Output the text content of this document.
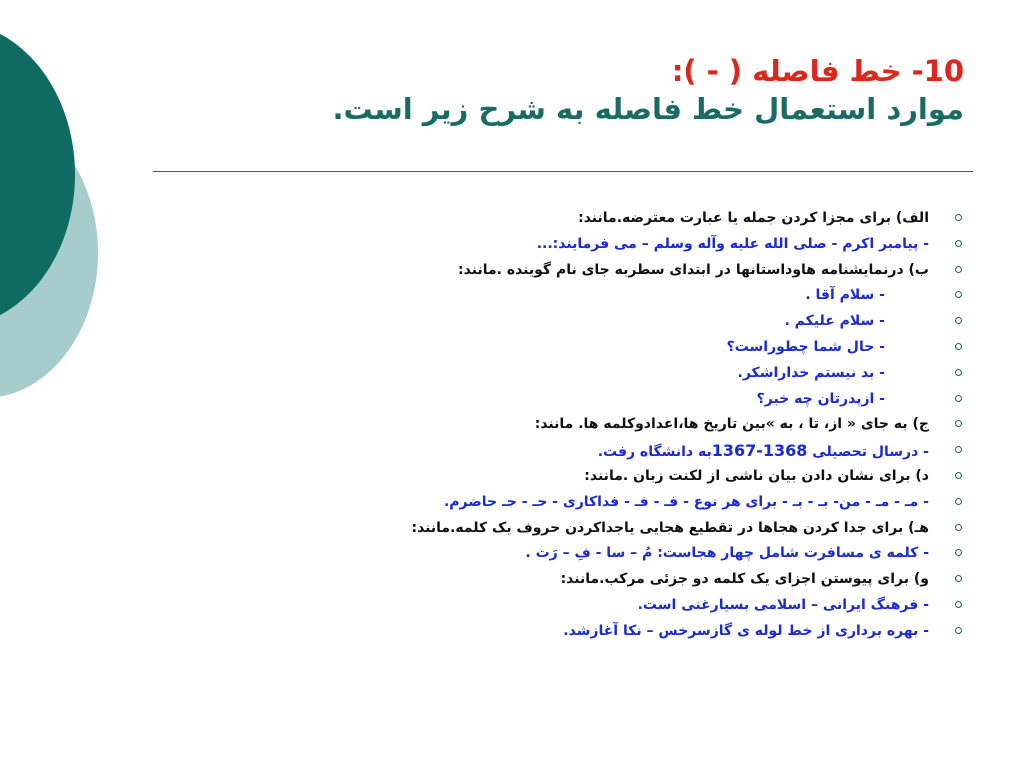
10- خط فاصله ( - ):
موارد استعمال خط فاصله به شرح زیر است.
الف) برای مجزا کردن جمله یا عبارت معترضه.مانند:
- پیامبر اکرم - صلی الله علیه وآله وسلم – می فرمایند:...
ب) درنمایشنامه هاوداستانها در ابتدای سطربه جای نام گوینده .مانند:
- سلام آقا .
- سلام علیکم .
- حال شما چطوراست؟
- بد نیستم خداراشکر.
- ازپدرتان چه خبر؟
ج) به جای « از، تا ، به »بین تاریخ ها،اعدادوکلمه ها. مانند:
- درسال تحصیلی 1368-1367به دانشگاه رفت.
د) برای نشان دادن بیان ناشی از لکنت زبان .مانند:
- مـ - مـ - من- بـ - بـ - برای هر نوع - فـ - فـ - فداکاری - حـ - حـ حاضرم.
هـ) برای جدا کردن هجاها در تقطیع هجایی یاجداکردن حروف یک کلمه.مانند:
- کلمه ی مسافرت شامل چهار هجاست: مُ – سا - فِ – رَت .
و) برای پیوستن اجزای یک کلمه دو جزئی مرکب.مانند:
- فرهنگ ایرانی – اسلامی بسیارغنی است.
- بهره برداری از خط لوله ی گازسرخس – نکا آغازشد.
